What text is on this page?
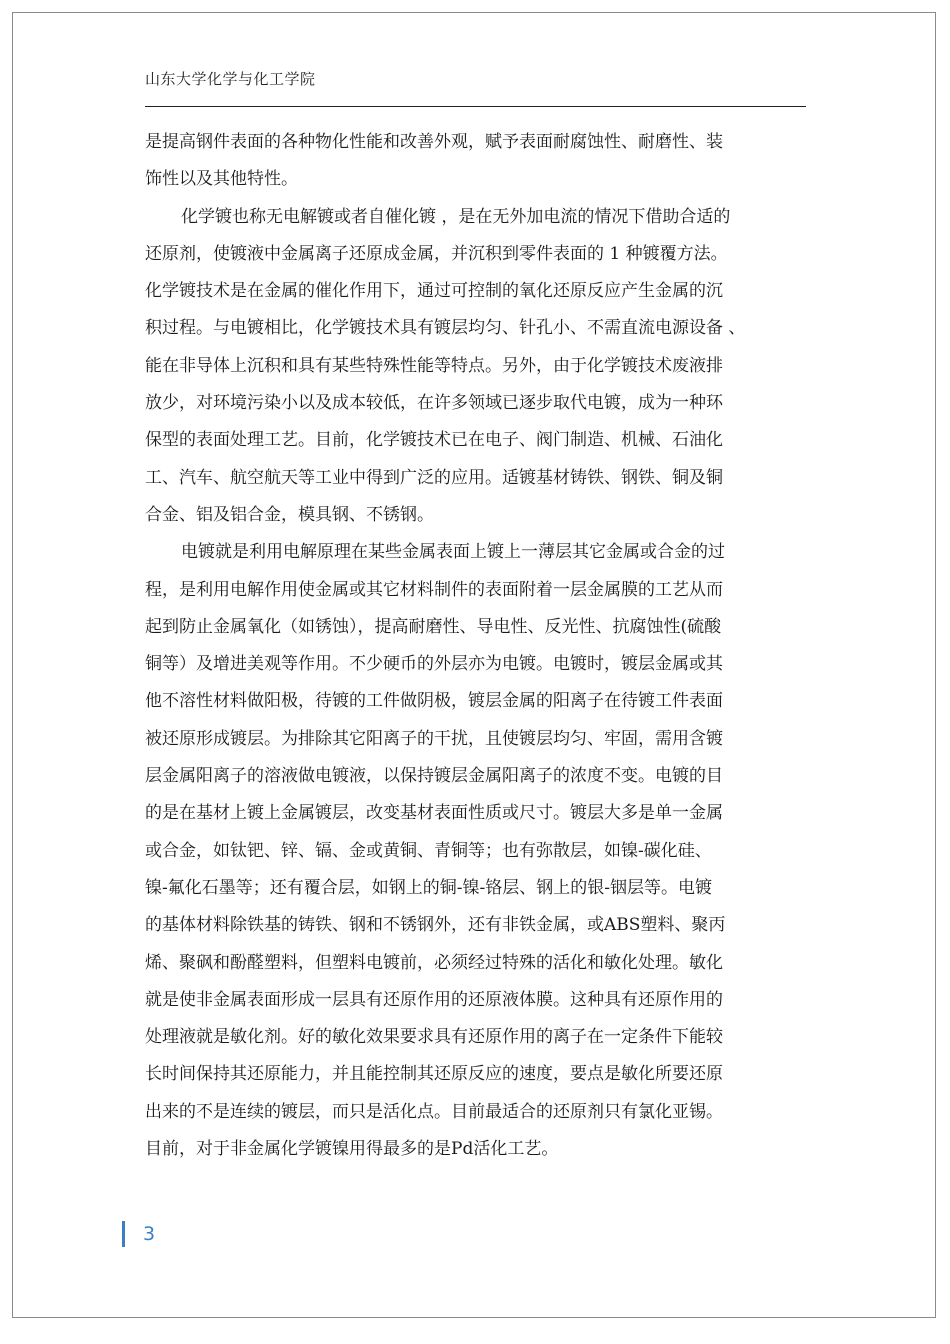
山东大学化学与化工学院

是提高钢件表面的各种物化性能和改善外观，赋予表面耐腐蚀性、耐磨性、装
饰性以及其他特性。

化学镀也称无电解镀或者自催化镀 ，是在无外加电流的情况下借助合适的
还原剂，使镀液中金属离子还原成金属，并沉积到零件表面的 1 种镀覆方法。
化学镀技术是在金属的催化作用下，通过可控制的氧化还原反应产生金属的沉
积过程。与电镀相比，化学镀技术具有镀层均匀、针孔小、不需直流电源设备 、
能在非导体上沉积和具有某些特殊性能等特点。另外，由于化学镀技术废液排
放少，对环境污染小以及成本较低，在许多领域已逐步取代电镀，成为一种环
保型的表面处理工艺。目前，化学镀技术已在电子、阀门制造、机械、石油化
工、汽车、航空航天等工业中得到广泛的应用。适镀基材铸铁、钢铁、铜及铜
合金、铝及铝合金，模具钢、不锈钢。

电镀就是利用电解原理在某些金属表面上镀上一薄层其它金属或合金的过
程，是利用电解作用使金属或其它材料制件的表面附着一层金属膜的工艺从而
起到防止金属氧化（如锈蚀），提高耐磨性、导电性、反光性、抗腐蚀性(硫酸
铜等）及增进美观等作用。不少硬币的外层亦为电镀。电镀时，镀层金属或其
他不溶性材料做阳极，待镀的工件做阴极，镀层金属的阳离子在待镀工件表面
被还原形成镀层。为排除其它阳离子的干扰，且使镀层均匀、牢固，需用含镀
层金属阳离子的溶液做电镀液，以保持镀层金属阳离子的浓度不变。电镀的目
的是在基材上镀上金属镀层，改变基材表面性质或尺寸。镀层大多是单一金属
或合金，如钛钯、锌、镉、金或黄铜、青铜等；也有弥散层，如镍-碳化硅、
镍-氟化石墨等；还有覆合层，如钢上的铜-镍-铬层、钢上的银-铟层等。电镀
的基体材料除铁基的铸铁、钢和不锈钢外，还有非铁金属，或ABS塑料、聚丙
烯、聚砜和酚醛塑料，但塑料电镀前，必须经过特殊的活化和敏化处理。敏化
就是使非金属表面形成一层具有还原作用的还原液体膜。这种具有还原作用的
处理液就是敏化剂。好的敏化效果要求具有还原作用的离子在一定条件下能较
长时间保持其还原能力，并且能控制其还原反应的速度，要点是敏化所要还原
出来的不是连续的镀层，而只是活化点。目前最适合的还原剂只有氯化亚锡。
目前，对于非金属化学镀镍用得最多的是Pd活化工艺。

3
